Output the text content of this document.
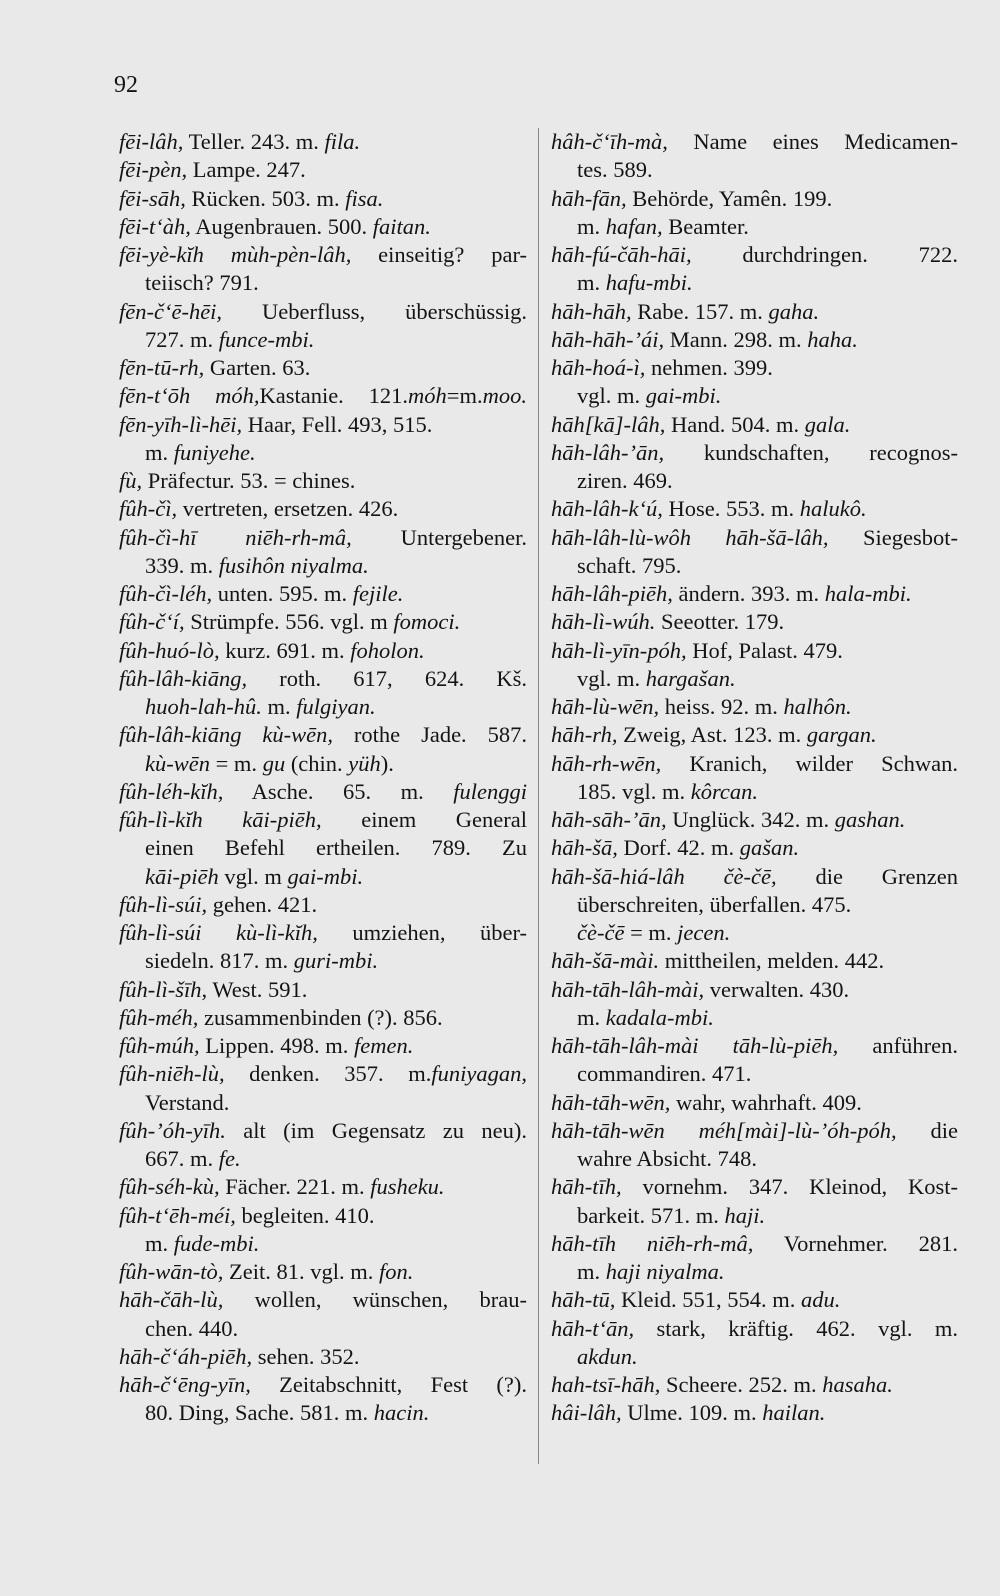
92
fēi-lâh, Teller. 243. m. fila.
fēi-pèn, Lampe. 247.
fēi-sāh, Rücken. 503. m. fisa.
fēi-tʻàh, Augenbrauen. 500. faitan.
fēi-yè-kĭh mùh-pèn-lâh, einseitig? par-
teiisch? 791.
fēn-čʻē-hēi, Ueberfluss, überschüssig.
727. m. funce-mbi.
fēn-tū-rh, Garten. 63.
fēn-tʻōh móh,Kastanie. 121.móh=m.moo.
fēn-yīh-lì-hēi, Haar, Fell. 493, 515.
m. funiyehe.
fù, Präfectur. 53. = chines.
fûh-čì, vertreten, ersetzen. 426.
fûh-čì-hī niēh-rh-mâ, Untergebener.
339. m. fusihôn niyalma.
fûh-čì-léh, unten. 595. m. fejile.
fûh-čʻí, Strümpfe. 556. vgl. m fomoci.
fûh-huó-lò, kurz. 691. m. foholon.
fûh-lâh-kiāng, roth. 617, 624. Kš.
huoh-lah-hû. m. fulgiyan.
fûh-lâh-kiāng kù-wēn, rothe Jade. 587.
kù-wēn = m. gu (chin. yüh).
fûh-léh-kĭh, Asche. 65. m. fulenggi
fûh-lì-kĭh kāi-piēh, einem General
einen Befehl ertheilen. 789. Zu
kāi-piēh vgl. m gai-mbi.
fûh-lì-súi, gehen. 421.
fûh-lì-súi kù-lì-kĭh, umziehen, über-
siedeln. 817. m. guri-mbi.
fûh-lì-šīh, West. 591.
fûh-méh, zusammenbinden (?). 856.
fûh-múh, Lippen. 498. m. femen.
fûh-niēh-lù, denken. 357. m.funiyagan,
Verstand.
fûh-’óh-yīh. alt (im Gegensatz zu neu).
667. m. fe.
fûh-séh-kù, Fächer. 221. m. fusheku.
fûh-tʻēh-méi, begleiten. 410.
m. fude-mbi.
fûh-wān-tò, Zeit. 81. vgl. m. fon.
hāh-čāh-lù, wollen, wünschen, brau-
chen. 440.
hāh-čʻáh-piēh, sehen. 352.
hāh-čʻēng-yīn, Zeitabschnitt, Fest (?).
80. Ding, Sache. 581. m. hacin.
hâh-čʻīh-mà, Name eines Medicamen-
tes. 589.
hāh-fān, Behörde, Yamên. 199.
m. hafan, Beamter.
hāh-fú-čāh-hāi, durchdringen. 722.
m. hafu-mbi.
hāh-hāh, Rabe. 157. m. gaha.
hāh-hāh-’ái, Mann. 298. m. haha.
hāh-hoá-ì, nehmen. 399.
vgl. m. gai-mbi.
hāh[kā]-lâh, Hand. 504. m. gala.
hāh-lâh-’ān, kundschaften, recognos-
ziren. 469.
hāh-lâh-kʻú, Hose. 553. m. halukô.
hāh-lâh-lù-wôh hāh-šā-lâh, Siegesbot-
schaft. 795.
hāh-lâh-piēh, ändern. 393. m. hala-mbi.
hāh-lì-wúh. Seeotter. 179.
hāh-lì-yīn-póh, Hof, Palast. 479.
vgl. m. hargašan.
hāh-lù-wēn, heiss. 92. m. halhôn.
hāh-rh, Zweig, Ast. 123. m. gargan.
hāh-rh-wēn, Kranich, wilder Schwan.
185. vgl. m. kôrcan.
hāh-sāh-’ān, Unglück. 342. m. gashan.
hāh-šā, Dorf. 42. m. gašan.
hāh-šā-hiá-lâh čè-čē, die Grenzen
überschreiten, überfallen. 475.
čè-čē = m. jecen.
hāh-šā-mài. mittheilen, melden. 442.
hāh-tāh-lâh-mài, verwalten. 430.
m. kadala-mbi.
hāh-tāh-lâh-mài tāh-lù-piēh, anführen.
commandiren. 471.
hāh-tāh-wēn, wahr, wahrhaft. 409.
hāh-tāh-wēn méh[mài]-lù-’óh-póh, die
wahre Absicht. 748.
hāh-tīh, vornehm. 347. Kleinod, Kost-
barkeit. 571. m. haji.
hāh-tīh niēh-rh-mâ, Vornehmer. 281.
m. haji niyalma.
hāh-tū, Kleid. 551, 554. m. adu.
hāh-tʻān, stark, kräftig. 462. vgl. m.
akdun.
hah-tsī-hāh, Scheere. 252. m. hasaha.
hâi-lâh, Ulme. 109. m. hailan.
